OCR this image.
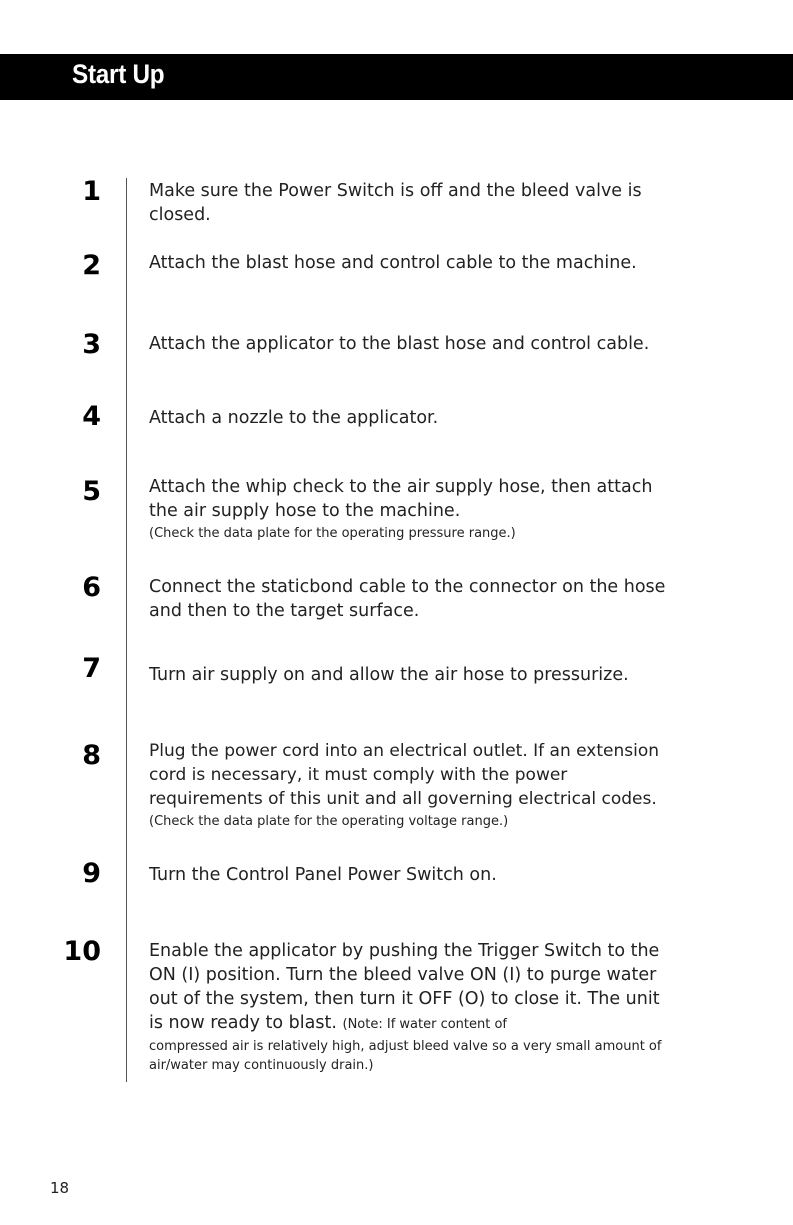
Start Up
1	Make sure the Power Switch is off and the bleed valve is closed.
2	Attach the blast hose and control cable to the machine.
3	Attach the applicator to the blast hose and control cable.
4	Attach a nozzle to the applicator.
5	Attach the whip check to the air supply hose, then attach the air supply hose to the machine.
(Check the data plate for the operating pressure range.)
6	Connect the staticbond cable to the connector on the hose and then to the target surface.
7	Turn air supply on and allow the air hose to pressurize.
8	Plug the power cord into an electrical outlet. If an extension cord is necessary, it must comply with the power requirements of this unit and all governing electrical codes.
(Check the data plate for the operating voltage range.)
9	Turn the Control Panel Power Switch on.
10	Enable the applicator by pushing the Trigger Switch to the ON (I) position. Turn the bleed valve ON (I) to purge water out of the system, then turn it OFF (O) to close it. The unit is now ready to blast. (Note: If water content of
compressed air is relatively high, adjust bleed valve so a very small amount of air/water may continuously drain.)
18
